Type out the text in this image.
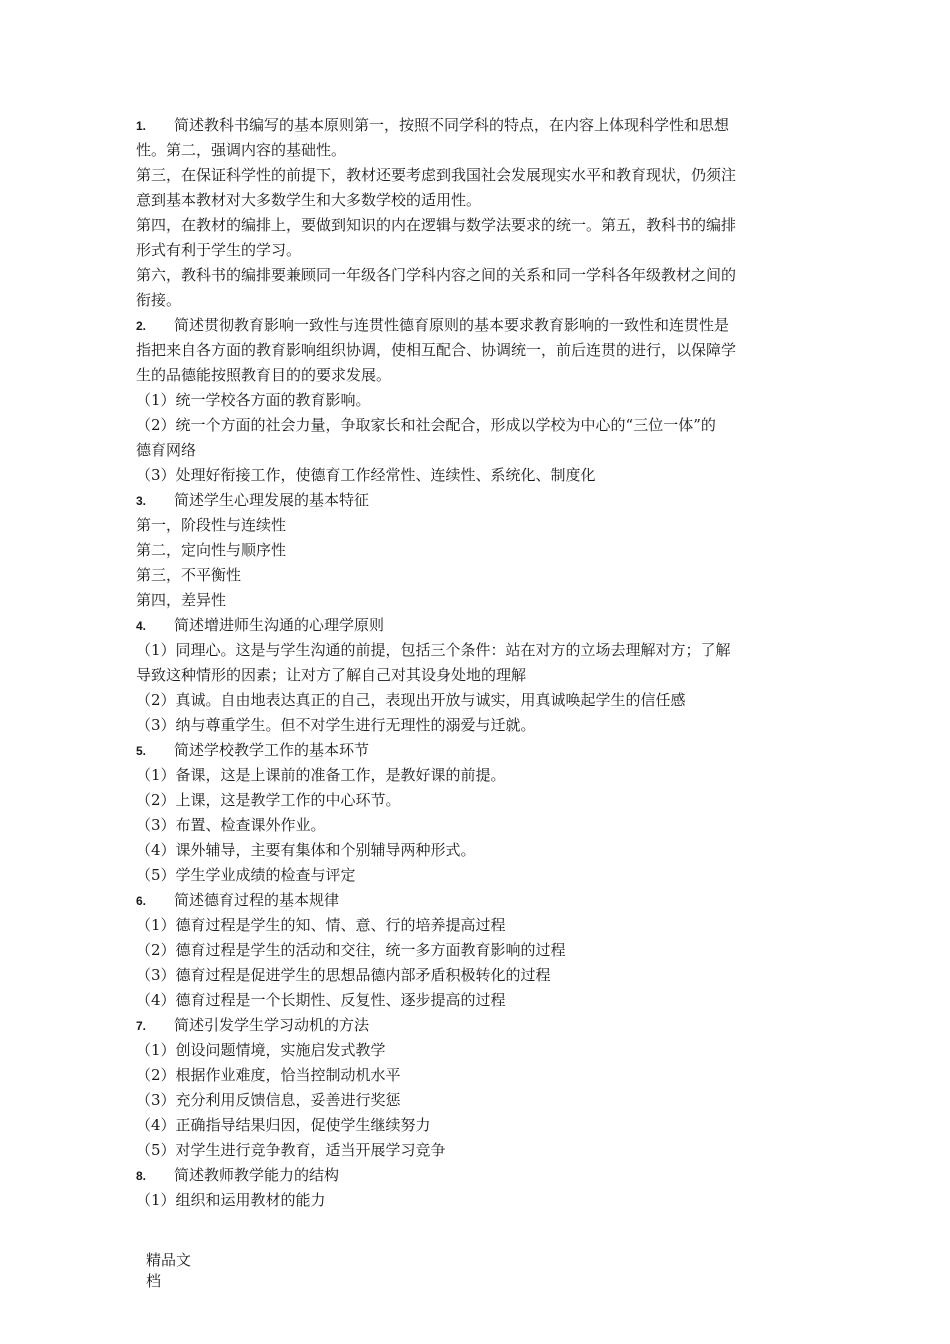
1. 简述教科书编写的基本原则第一，按照不同学科的特点，在内容上体现科学性和思想
性。第二，强调内容的基础性。
第三，在保证科学性的前提下，教材还要考虑到我国社会发展现实水平和教育现状，仍须注
意到基本教材对大多数学生和大多数学校的适用性。
第四，在教材的编排上，要做到知识的内在逻辑与数学法要求的统一。第五，教科书的编排
形式有利于学生的学习。
第六，教科书的编排要兼顾同一年级各门学科内容之间的关系和同一学科各年级教材之间的
衔接。
2. 简述贯彻教育影响一致性与连贯性德育原则的基本要求教育影响的一致性和连贯性是
指把来自各方面的教育影响组织协调，使相互配合、协调统一，前后连贯的进行，以保障学
生的品德能按照教育目的的要求发展。
（1）统一学校各方面的教育影响。
（2）统一个方面的社会力量，争取家长和社会配合，形成以学校为中心的“三位一体”的
德育网络
（3）处理好衔接工作，使德育工作经常性、连续性、系统化、制度化
3. 简述学生心理发展的基本特征
第一，阶段性与连续性
第二，定向性与顺序性
第三，不平衡性
第四，差异性
4. 简述增进师生沟通的心理学原则
（1）同理心。这是与学生沟通的前提，包括三个条件：站在对方的立场去理解对方；了解
导致这种情形的因素；让对方了解自己对其设身处地的理解
（2）真诚。自由地表达真正的自己，表现出开放与诚实，用真诚唤起学生的信任感
（3）纳与尊重学生。但不对学生进行无理性的溺爱与迁就。
5. 简述学校教学工作的基本环节
（1）备课，这是上课前的准备工作，是教好课的前提。
（2）上课，这是教学工作的中心环节。
（3）布置、检查课外作业。
（4）课外辅导，主要有集体和个别辅导两种形式。
（5）学生学业成绩的检查与评定
6. 简述德育过程的基本规律
（1）德育过程是学生的知、情、意、行的培养提高过程
（2）德育过程是学生的活动和交往，统一多方面教育影响的过程
（3）德育过程是促进学生的思想品德内部矛盾积极转化的过程
（4）德育过程是一个长期性、反复性、逐步提高的过程
7. 简述引发学生学习动机的方法
（1）创设问题情境，实施启发式教学
（2）根据作业难度，恰当控制动机水平
（3）充分利用反馈信息，妥善进行奖惩
（4）正确指导结果归因，促使学生继续努力
（5）对学生进行竞争教育，适当开展学习竞争
8. 简述教师教学能力的结构
（1）组织和运用教材的能力
精品文
档
